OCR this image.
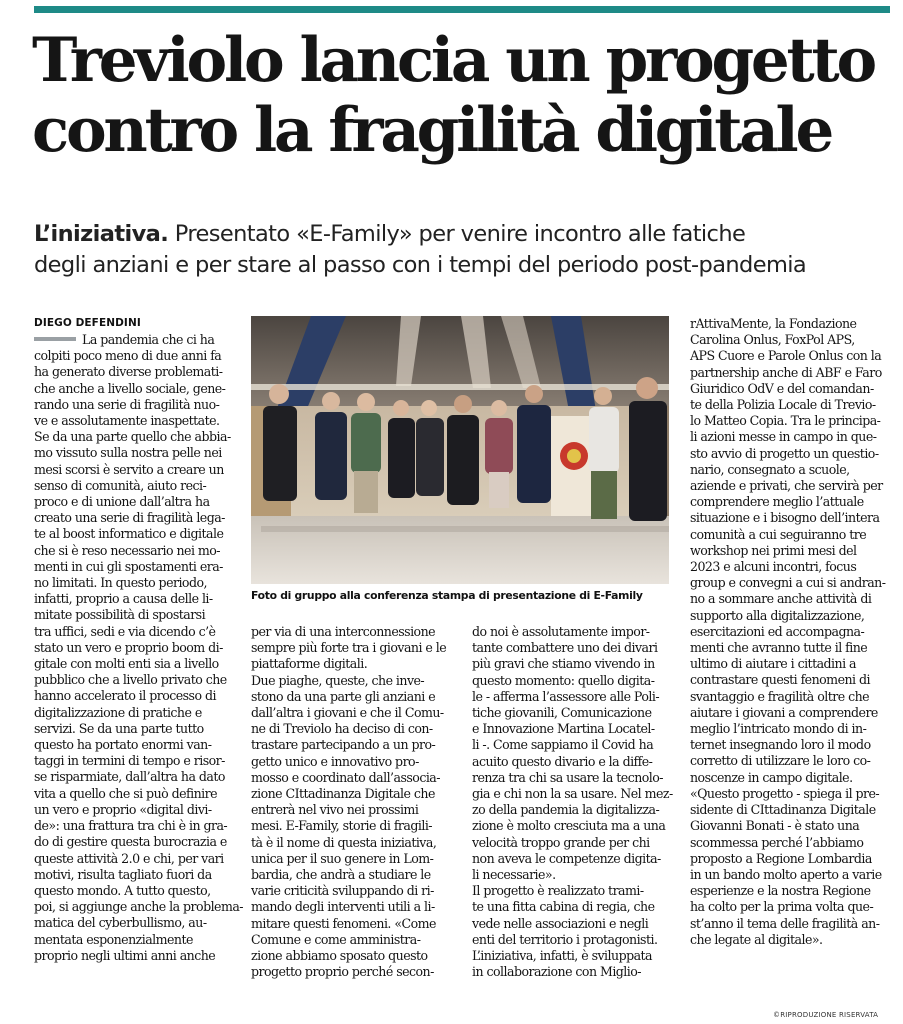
Treviolo lancia un progetto
contro la fragilità digitale
L’iniziativa. Presentato «E-Family» per venire incontro alle fatiche
degli anziani e per stare al passo con i tempi del periodo post-pandemia
DIEGO DEFENDINI
La pandemia che ci ha
colpiti poco meno di due anni fa
ha generato diverse problemati-
che anche a livello sociale, gene-
rando una serie di fragilità nuo-
ve e assolutamente inaspettate.
Se da una parte quello che abbia-
mo vissuto sulla nostra pelle nei
mesi scorsi è servito a creare un
senso di comunità, aiuto reci-
proco e di unione dall’altra ha
creato una serie di fragilità lega-
te al boost informatico e digitale
che si è reso necessario nei mo-
menti in cui gli spostamenti era-
no limitati. In questo periodo,
infatti, proprio a causa delle li-
mitate possibilità di spostarsi
tra uffici, sedi e via dicendo c’è
stato un vero e proprio boom di-
gitale con molti enti sia a livello
pubblico che a livello privato che
hanno accelerato il processo di
digitalizzazione di pratiche e
servizi. Se da una parte tutto
questo ha portato enormi van-
taggi in termini di tempo e risor-
se risparmiate, dall’altra ha dato
vita a quello che si può definire
un vero e proprio «digital divi-
de»: una frattura tra chi è in gra-
do di gestire questa burocrazia e
queste attività 2.0 e chi, per vari
motivi, risulta tagliato fuori da
questo mondo. A tutto questo,
poi, si aggiunge anche la problema-
matica del cyberbullismo, au-
mentata esponenzialmente
proprio negli ultimi anni anche
Foto di gruppo alla conferenza stampa di presentazione di E-Family
per via di una interconnessione
sempre più forte tra i giovani e le
piattaforme digitali.
Due piaghe, queste, che inve-
stono da una parte gli anziani e
dall’altra i giovani e che il Comu-
ne di Treviolo ha deciso di con-
trastare partecipando a un pro-
getto unico e innovativo pro-
mosso e coordinato dall’associa-
zione CIttadinanza Digitale che
entrerà nel vivo nei prossimi
mesi. E-Family, storie di fragili-
tà è il nome di questa iniziativa,
unica per il suo genere in Lom-
bardia, che andrà a studiare le
varie criticità sviluppando di ri-
mando degli interventi utili a li-
mitare questi fenomeni. «Come
Comune e come amministra-
zione abbiamo sposato questo
progetto proprio perché secon-
do noi è assolutamente impor-
tante combattere uno dei divari
più gravi che stiamo vivendo in
questo momento: quello digita-
le - afferma l’assessore alle Poli-
tiche giovanili, Comunicazione
e Innovazione Martina Locatel-
li -. Come sappiamo il Covid ha
acuito questo divario e la diffe-
renza tra chi sa usare la tecnolo-
gia e chi non la sa usare. Nel mez-
zo della pandemia la digitalizza-
zione è molto cresciuta ma a una
velocità troppo grande per chi
non aveva le competenze digita-
li necessarie».
Il progetto è realizzato trami-
te una fitta cabina di regia, che
vede nelle associazioni e negli
enti del territorio i protagonisti.
L’iniziativa, infatti, è sviluppata
in collaborazione con Miglio-
rAttivaMente, la Fondazione
Carolina Onlus, FoxPol APS,
APS Cuore e Parole Onlus con la
partnership anche di ABF e Faro
Giuridico OdV e del comandan-
te della Polizia Locale di Trevio-
lo Matteo Copia. Tra le principa-
li azioni messe in campo in que-
sto avvio di progetto un questio-
nario, consegnato a scuole,
aziende e privati, che servirà per
comprendere meglio l’attuale
situazione e i bisogno dell’intera
comunità a cui seguiranno tre
workshop nei primi mesi del
2023 e alcuni incontri, focus
group e convegni a cui si andran-
no a sommare anche attività di
supporto alla digitalizzazione,
esercitazioni ed accompagna-
menti che avranno tutte il fine
ultimo di aiutare i cittadini a
contrastare questi fenomeni di
svantaggio e fragilità oltre che
aiutare i giovani a comprendere
meglio l’intricato mondo di in-
ternet insegnando loro il modo
corretto di utilizzare le loro co-
noscenze in campo digitale.
«Questo progetto - spiega il pre-
sidente di CIttadinanza Digitale
Giovanni Bonati - è stato una
scommessa perché l’abbiamo
proposto a Regione Lombardia
in un bando molto aperto a varie
esperienze e la nostra Regione
ha colto per la prima volta que-
st’anno il tema delle fragilità an-
che legate al digitale».
©RIPRODUZIONE RISERVATA
